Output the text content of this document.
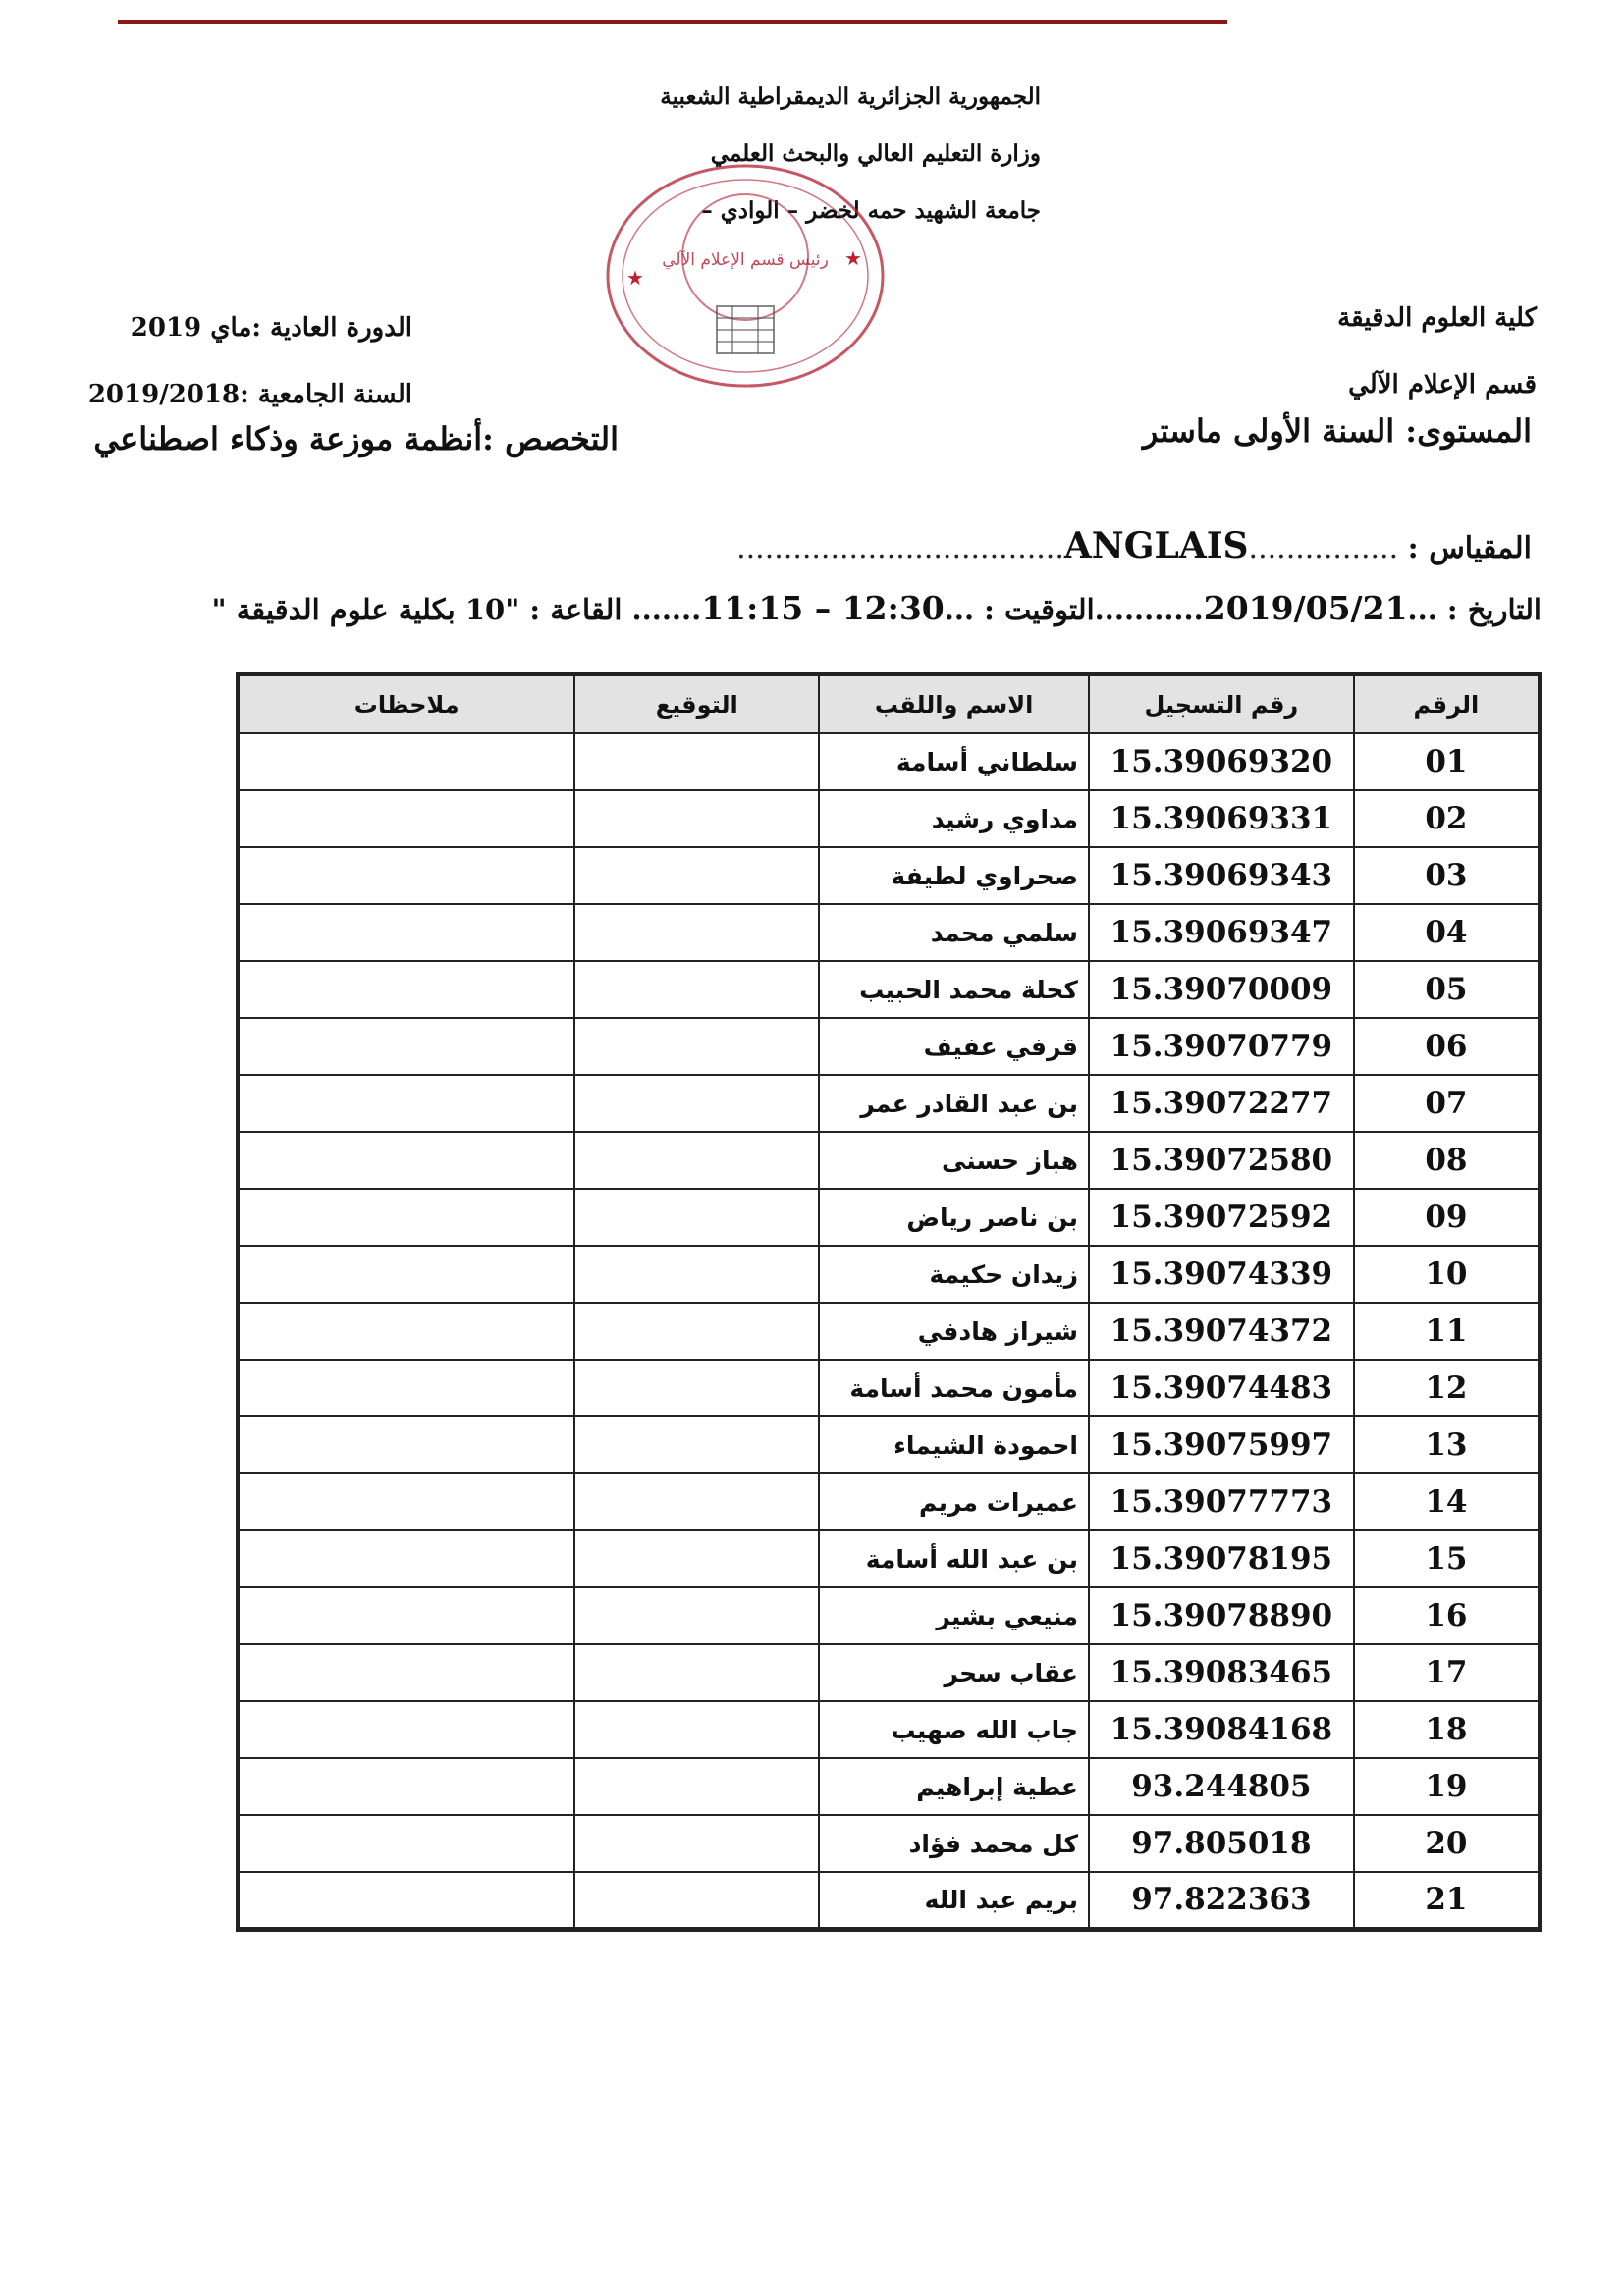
الجمهورية الجزائرية الديمقراطية الشعبية
وزارة التعليم العالي والبحث العلمي
جامعة الشهيد حمه لخضر – الوادي –
★
★
رئيس قسم الإعلام الآلي
الدورة العادية :ماي 2019
السنة الجامعية :2019/2018
كلية العلوم الدقيقة
قسم الإعلام الآلي
المستوى: السنة الأولى ماستر
التخصص :أنظمة موزعة وذكاء اصطناعي
المقياس : ................ANGLAIS...................................
التاريخ : ...2019/05/21...........التوقيت : ...11:15 – 12:30....... القاعة : "10 بكلية علوم الدقيقة "
الرقم	رقم التسجيل	الاسم واللقب	التوقيع	ملاحظات
01	15.39069320	سلطاني أسامة		
02	15.39069331	مداوي رشيد		
03	15.39069343	صحراوي لطيفة		
04	15.39069347	سلمي محمد		
05	15.39070009	كحلة محمد الحبيب		
06	15.39070779	قرفي عفيف		
07	15.39072277	بن عبد القادر عمر		
08	15.39072580	هباز حسنى		
09	15.39072592	بن ناصر رياض		
10	15.39074339	زيدان حكيمة		
11	15.39074372	شيراز هادفي		
12	15.39074483	مأمون محمد أسامة		
13	15.39075997	احمودة الشيماء		
14	15.39077773	عميرات مريم		
15	15.39078195	بن عبد الله أسامة		
16	15.39078890	منيعي بشير		
17	15.39083465	عقاب سحر		
18	15.39084168	جاب الله صهيب		
19	93.244805	عطية إبراهيم		
20	97.805018	كل محمد فؤاد		
21	97.822363	بريم عبد الله		
